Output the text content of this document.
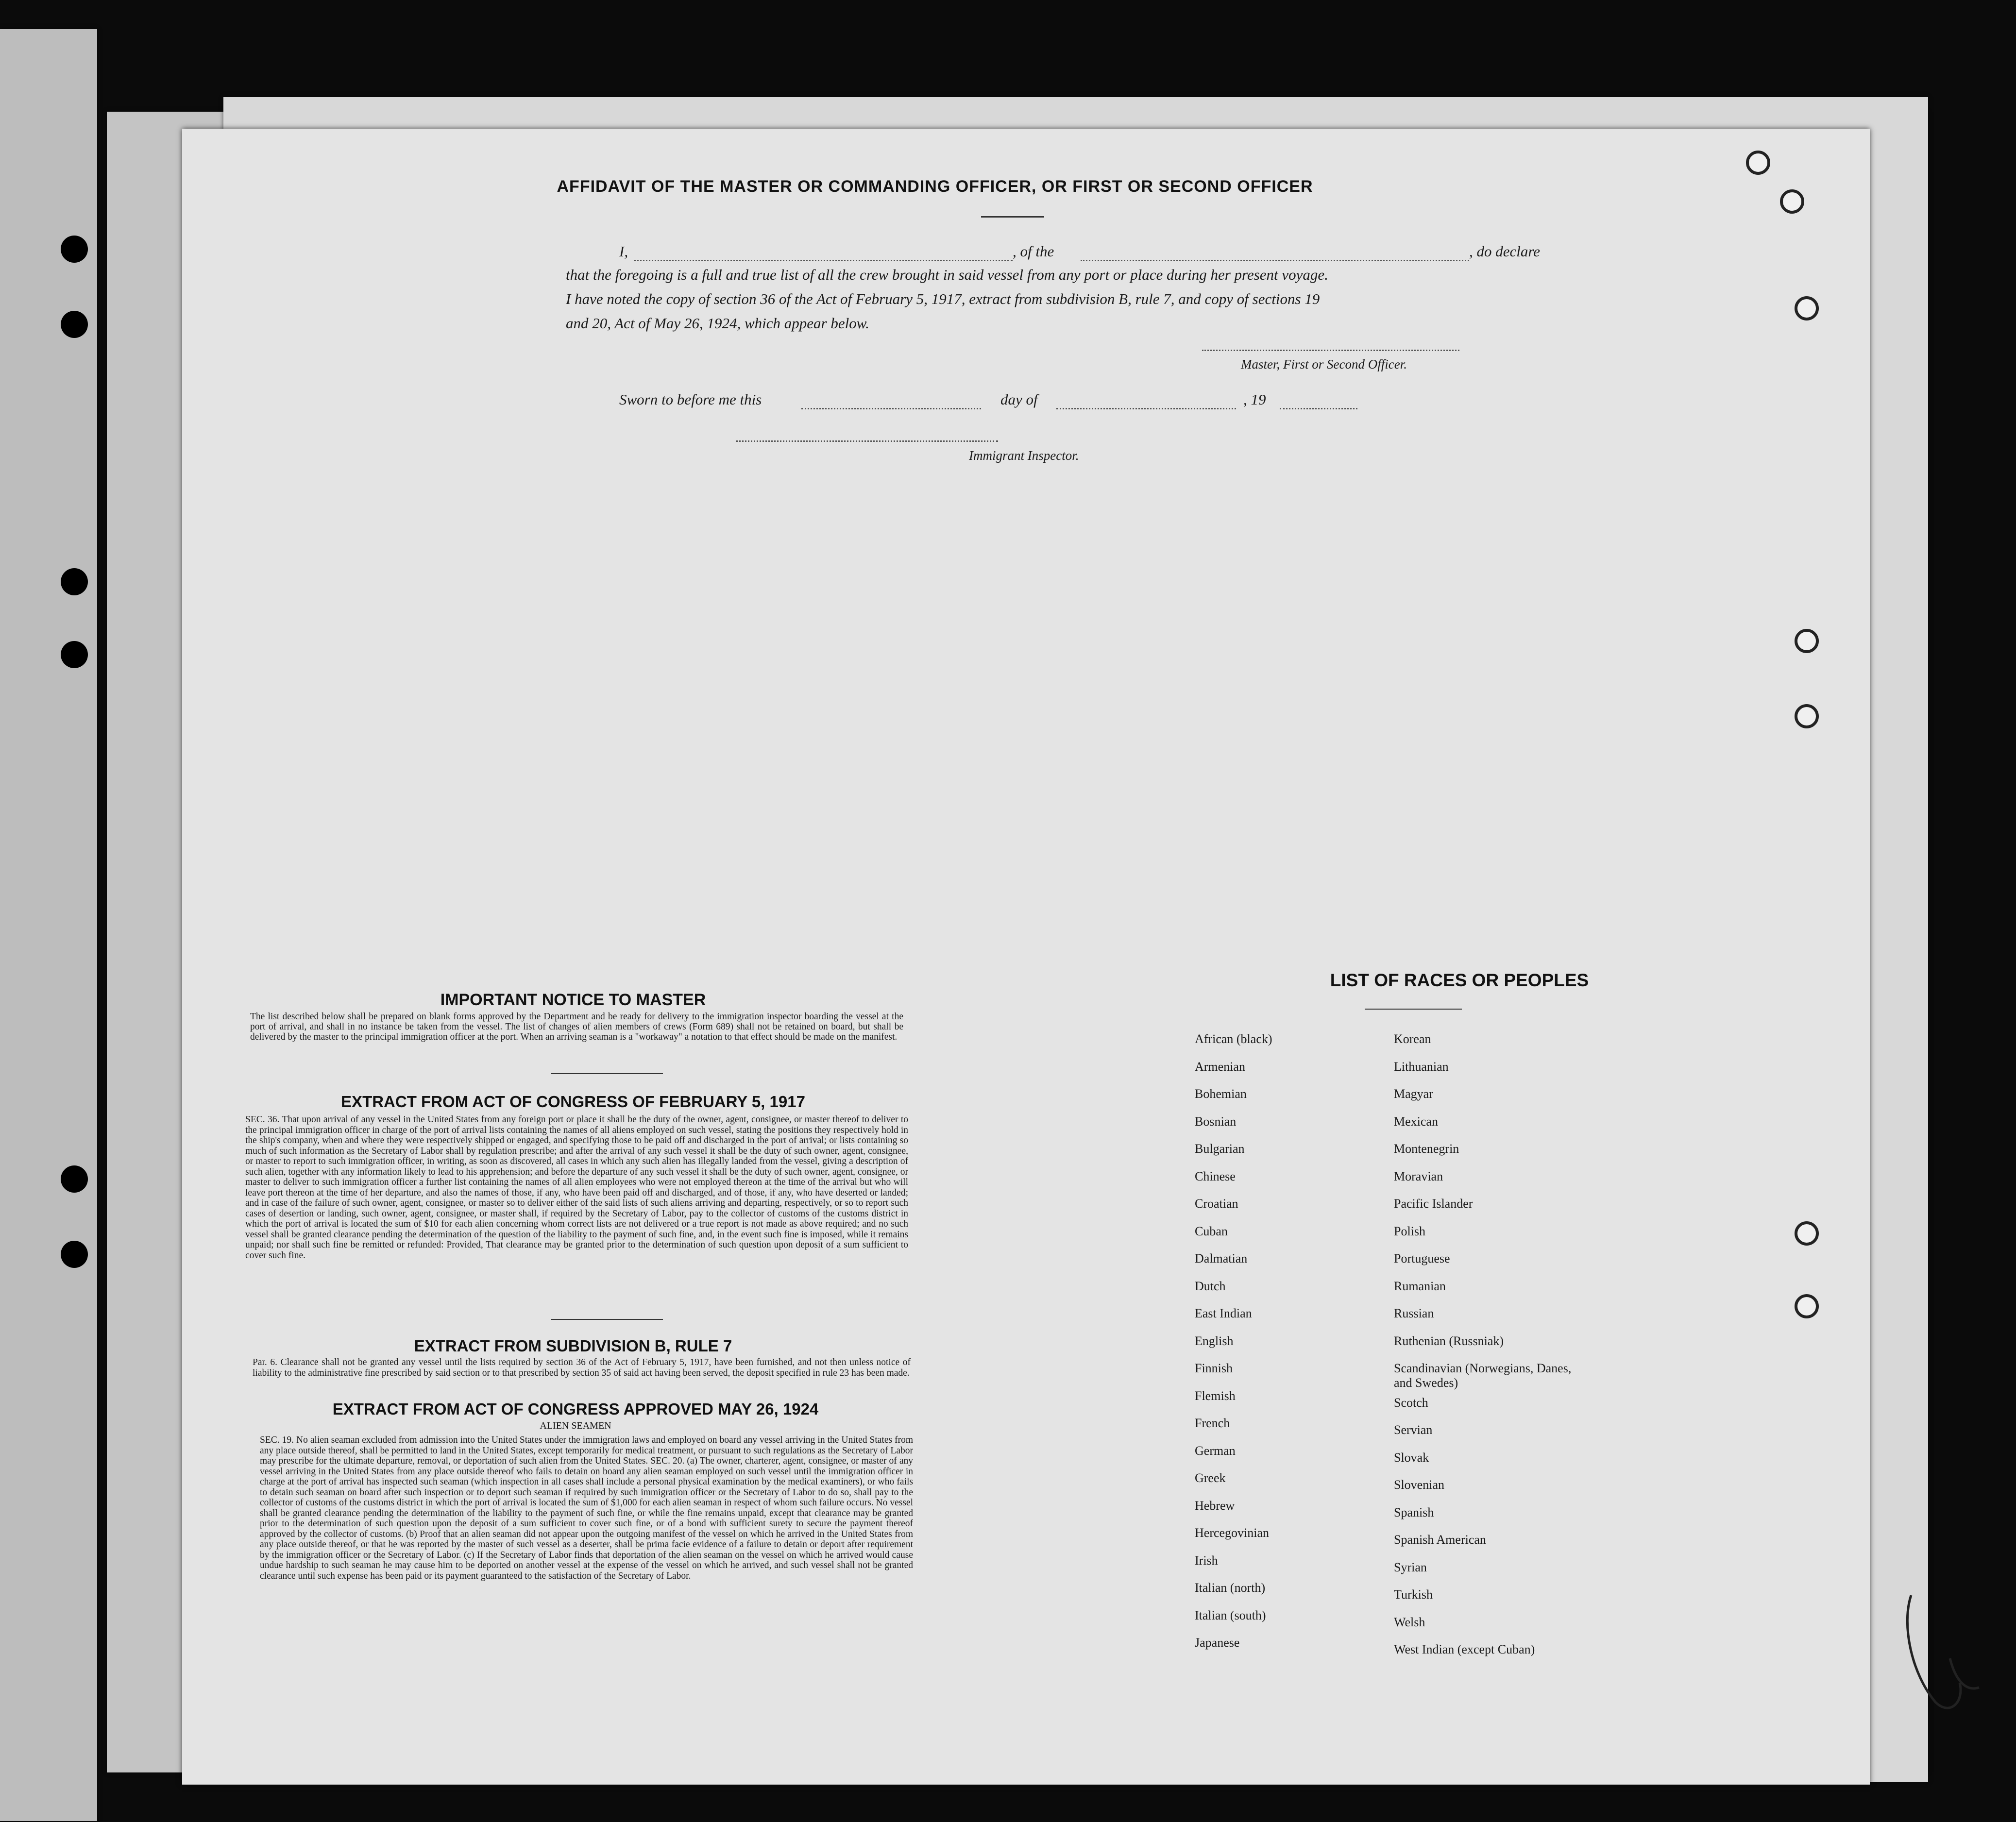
AFFIDAVIT OF THE MASTER OR COMMANDING OFFICER, OR FIRST OR SECOND OFFICER
I,	, of the	, do declare
that the foregoing is a full and true list of all the crew brought in said vessel from any port or place during her present voyage.
I have noted the copy of section 36 of the Act of February 5, 1917, extract from subdivision B, rule 7, and copy of sections 19
and 20, Act of May 26, 1924, which appear below.
Master, First or Second Officer.
Sworn to before me this	day of	, 19
Immigrant Inspector.
IMPORTANT NOTICE TO MASTER
The list described below shall be prepared on blank forms approved by the Department and be ready for delivery to the immigration inspector boarding the vessel at the port of arrival, and shall in no instance be taken from the vessel. The list of changes of alien members of crews (Form 689) shall not be retained on board, but shall be delivered by the master to the principal immigration officer at the port. When an arriving seaman is a "workaway" a notation to that effect should be made on the manifest.
EXTRACT FROM ACT OF CONGRESS OF FEBRUARY 5, 1917
SEC. 36. That upon arrival of any vessel in the United States from any foreign port or place it shall be the duty of the owner, agent, consignee, or master thereof to deliver to the principal immigration officer in charge of the port of arrival lists containing the names of all aliens employed on such vessel, stating the positions they respectively hold in the ship's company, when and where they were respectively shipped or engaged, and specifying those to be paid off and discharged in the port of arrival; or lists containing so much of such information as the Secretary of Labor shall by regulation prescribe; and after the arrival of any such vessel it shall be the duty of such owner, agent, consignee, or master to report to such immigration officer, in writing, as soon as discovered, all cases in which any such alien has illegally landed from the vessel, giving a description of such alien, together with any information likely to lead to his apprehension; and before the departure of any such vessel it shall be the duty of such owner, agent, consignee, or master to deliver to such immigration officer a further list containing the names of all alien employees who were not employed thereon at the time of the arrival but who will leave port thereon at the time of her departure, and also the names of those, if any, who have been paid off and discharged, and of those, if any, who have deserted or landed; and in case of the failure of such owner, agent, consignee, or master so to deliver either of the said lists of such aliens arriving and departing, respectively, or so to report such cases of desertion or landing, such owner, agent, consignee, or master shall, if required by the Secretary of Labor, pay to the collector of customs of the customs district in which the port of arrival is located the sum of $10 for each alien concerning whom correct lists are not delivered or a true report is not made as above required; and no such vessel shall be granted clearance pending the determination of the question of the liability to the payment of such fine, and, in the event such fine is imposed, while it remains unpaid; nor shall such fine be remitted or refunded: Provided, That clearance may be granted prior to the determination of such question upon deposit of a sum sufficient to cover such fine.
EXTRACT FROM SUBDIVISION B, RULE 7
Par. 6. Clearance shall not be granted any vessel until the lists required by section 36 of the Act of February 5, 1917, have been furnished, and not then unless notice of liability to the administrative fine prescribed by said section or to that prescribed by section 35 of said act having been served, the deposit specified in rule 23 has been made.
EXTRACT FROM ACT OF CONGRESS APPROVED MAY 26, 1924
ALIEN SEAMEN
SEC. 19. No alien seaman excluded from admission into the United States under the immigration laws and employed on board any vessel arriving in the United States from any place outside thereof, shall be permitted to land in the United States, except temporarily for medical treatment, or pursuant to such regulations as the Secretary of Labor may prescribe for the ultimate departure, removal, or deportation of such alien from the United States. SEC. 20. (a) The owner, charterer, agent, consignee, or master of any vessel arriving in the United States from any place outside thereof who fails to detain on board any alien seaman employed on such vessel until the immigration officer in charge at the port of arrival has inspected such seaman (which inspection in all cases shall include a personal physical examination by the medical examiners), or who fails to detain such seaman on board after such inspection or to deport such seaman if required by such immigration officer or the Secretary of Labor to do so, shall pay to the collector of customs of the customs district in which the port of arrival is located the sum of $1,000 for each alien seaman in respect of whom such failure occurs. No vessel shall be granted clearance pending the determination of the liability to the payment of such fine, or while the fine remains unpaid, except that clearance may be granted prior to the determination of such question upon the deposit of a sum sufficient to cover such fine, or of a bond with sufficient surety to secure the payment thereof approved by the collector of customs. (b) Proof that an alien seaman did not appear upon the outgoing manifest of the vessel on which he arrived in the United States from any place outside thereof, or that he was reported by the master of such vessel as a deserter, shall be prima facie evidence of a failure to detain or deport after requirement by the immigration officer or the Secretary of Labor. (c) If the Secretary of Labor finds that deportation of the alien seaman on the vessel on which he arrived would cause undue hardship to such seaman he may cause him to be deported on another vessel at the expense of the vessel on which he arrived, and such vessel shall not be granted clearance until such expense has been paid or its payment guaranteed to the satisfaction of the Secretary of Labor.
LIST OF RACES OR PEOPLES
African (black)
Armenian
Bohemian
Bosnian
Bulgarian
Chinese
Croatian
Cuban
Dalmatian
Dutch
East Indian
English
Finnish
Flemish
French
German
Greek
Hebrew
Hercegovinian
Irish
Italian (north)
Italian (south)
Japanese
Korean
Lithuanian
Magyar
Mexican
Montenegrin
Moravian
Pacific Islander
Polish
Portuguese
Rumanian
Russian
Ruthenian (Russniak)
Scandinavian (Norwegians, Danes, and Swedes)
Scotch
Servian
Slovak
Slovenian
Spanish
Spanish American
Syrian
Turkish
Welsh
West Indian (except Cuban)
